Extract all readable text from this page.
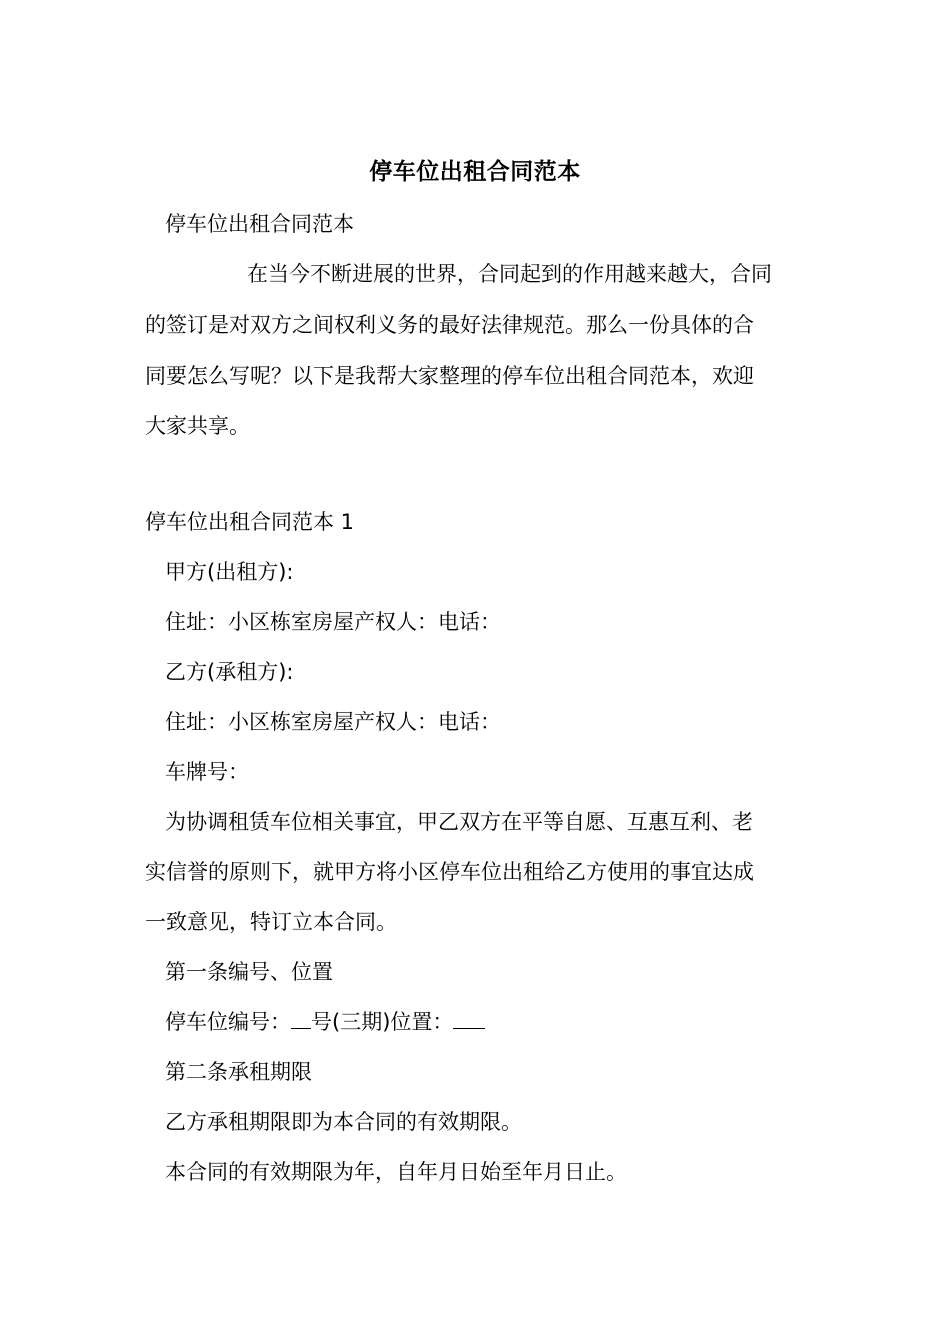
停车位出租合同范本
停车位出租合同范本
在当今不断进展的世界，合同起到的作用越来越大，合同
的签订是对双方之间权利义务的最好法律规范。那么一份具体的合
同要怎么写呢？以下是我帮大家整理的停车位出租合同范本，欢迎
大家共享。
停车位出租合同范本 1
甲方(出租方):
住址：小区栋室房屋产权人：电话：
乙方(承租方):
住址：小区栋室房屋产权人：电话：
车牌号：
为协调租赁车位相关事宜，甲乙双方在平等自愿、互惠互利、老
实信誉的原则下，就甲方将小区停车位出租给乙方使用的事宜达成
一致意见，特订立本合同。
第一条编号、位置
停车位编号： 号(三期)位置：
第二条承租期限
乙方承租期限即为本合同的有效期限。
本合同的有效期限为年，自年月日始至年月日止。
